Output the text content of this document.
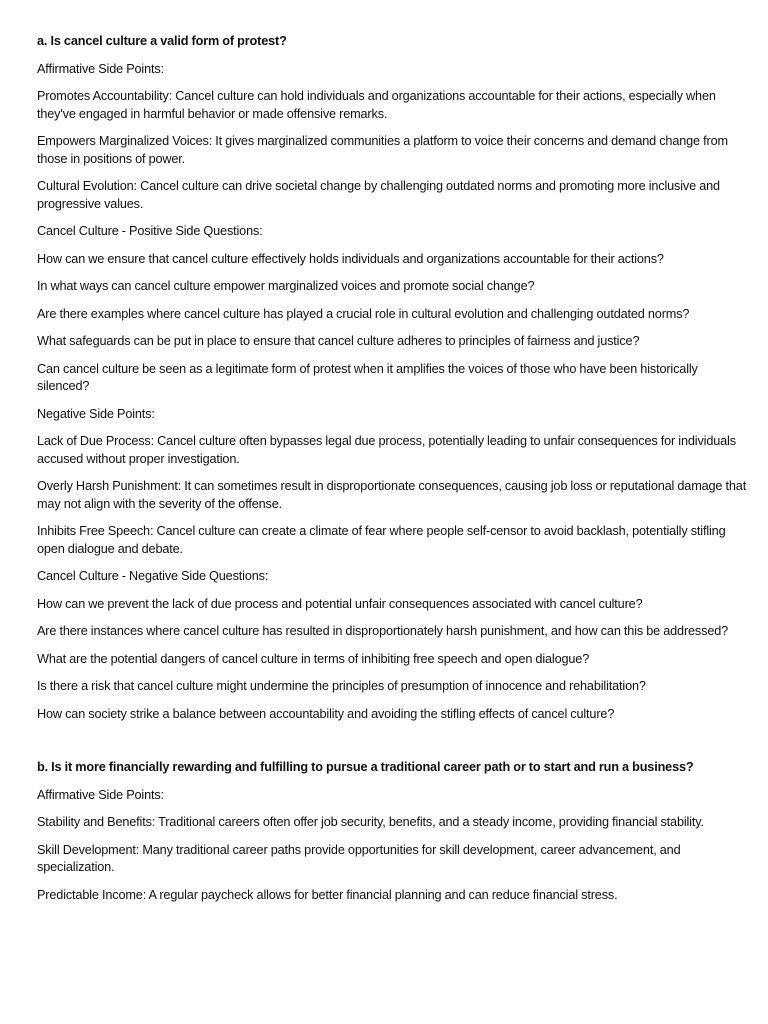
a. Is cancel culture a valid form of protest?

Affirmative Side Points:

Promotes Accountability: Cancel culture can hold individuals and organizations accountable for their actions, especially when they've engaged in harmful behavior or made offensive remarks.

Empowers Marginalized Voices: It gives marginalized communities a platform to voice their concerns and demand change from those in positions of power.

Cultural Evolution: Cancel culture can drive societal change by challenging outdated norms and promoting more inclusive and progressive values.

Cancel Culture - Positive Side Questions:

How can we ensure that cancel culture effectively holds individuals and organizations accountable for their actions?

In what ways can cancel culture empower marginalized voices and promote social change?

Are there examples where cancel culture has played a crucial role in cultural evolution and challenging outdated norms?

What safeguards can be put in place to ensure that cancel culture adheres to principles of fairness and justice?

Can cancel culture be seen as a legitimate form of protest when it amplifies the voices of those who have been historically silenced?

Negative Side Points:

Lack of Due Process: Cancel culture often bypasses legal due process, potentially leading to unfair consequences for individuals accused without proper investigation.

Overly Harsh Punishment: It can sometimes result in disproportionate consequences, causing job loss or reputational damage that may not align with the severity of the offense.

Inhibits Free Speech: Cancel culture can create a climate of fear where people self-censor to avoid backlash, potentially stifling open dialogue and debate.

Cancel Culture - Negative Side Questions:

How can we prevent the lack of due process and potential unfair consequences associated with cancel culture?

Are there instances where cancel culture has resulted in disproportionately harsh punishment, and how can this be addressed?

What are the potential dangers of cancel culture in terms of inhibiting free speech and open dialogue?

Is there a risk that cancel culture might undermine the principles of presumption of innocence and rehabilitation?

How can society strike a balance between accountability and avoiding the stifling effects of cancel culture?

b. Is it more financially rewarding and fulfilling to pursue a traditional career path or to start and run a business?

Affirmative Side Points:

Stability and Benefits: Traditional careers often offer job security, benefits, and a steady income, providing financial stability.

Skill Development: Many traditional career paths provide opportunities for skill development, career advancement, and specialization.

Predictable Income: A regular paycheck allows for better financial planning and can reduce financial stress.
